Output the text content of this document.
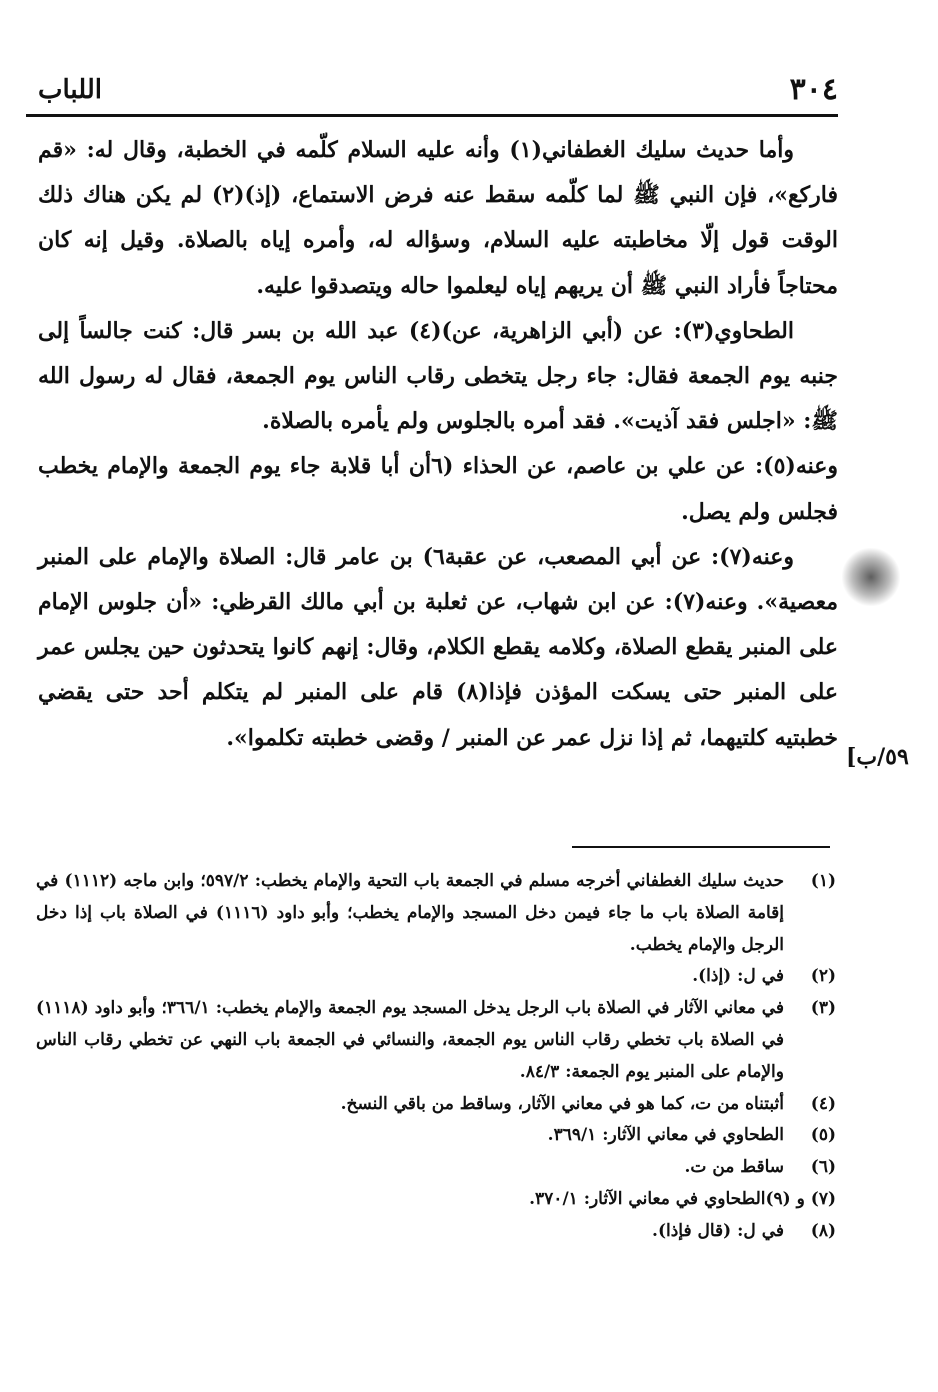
٣٠٤
اللباب

وأما حديث سليك الغطفاني(١) وأنه عليه السلام كلّمه في الخطبة، وقال له: «قم فاركع»، فإن النبي ﷺ لما كلّمه سقط عنه فرض الاستماع، (إذ)(٢) لم يكن هناك ذلك الوقت قول إلّا مخاطبته عليه السلام، وسؤاله له، وأمره إياه بالصلاة. وقيل إنه كان محتاجاً فأراد النبي ﷺ أن يريهم إياه ليعلموا حاله ويتصدقوا عليه.

الطحاوي(٣): عن (أبي الزاهرية، عن)(٤) عبد الله بن بسر قال: كنت جالساً إلى جنبه يوم الجمعة فقال: جاء رجل يتخطى رقاب الناس يوم الجمعة، فقال له رسول الله ﷺ: «اجلس فقد آذيت». فقد أمره بالجلوس ولم يأمره بالصلاة.

وعنه(٥): عن علي بن عاصم، عن الحذاء (٦أن أبا قلابة جاء يوم الجمعة والإمام يخطب فجلس ولم يصل.

وعنه(٧): عن أبي المصعب، عن عقبة٦) بن عامر قال: الصلاة والإمام على المنبر معصية». وعنه(٧): عن ابن شهاب، عن ثعلبة بن أبي مالك القرظي: «أن جلوس الإمام على المنبر يقطع الصلاة، وكلامه يقطع الكلام، وقال: إنهم كانوا يتحدثون حين يجلس عمر على المنبر حتى يسكت المؤذن فإذا(٨) قام على المنبر لم يتكلم أحد حتى يقضي خطبتيه كلتيهما، ثم إذا نزل عمر عن المنبر / وقضى خطبته تكلموا».

[٥٩/ب
(١)
حديث سليك الغطفاني أخرجه مسلم في الجمعة باب التحية والإمام يخطب: ٥٩٧/٢؛ وابن ماجه (١١١٢) في إقامة الصلاة باب ما جاء فيمن دخل المسجد والإمام يخطب؛ وأبو داود (١١١٦) في الصلاة باب إذا دخل الرجل والإمام يخطب.
(٢)
في ل: (إذا).
(٣)
في معاني الآثار في الصلاة باب الرجل يدخل المسجد يوم الجمعة والإمام يخطب: ٣٦٦/١؛ وأبو داود (١١١٨) في الصلاة باب تخطي رقاب الناس يوم الجمعة، والنسائي في الجمعة باب النهي عن تخطي رقاب الناس والإمام على المنبر يوم الجمعة: ٨٤/٣.
(٤)
أثبتناه من ت، كما هو في معاني الآثار، وساقط من باقي النسخ.
(٥)
الطحاوي في معاني الآثار: ٣٦٩/١.
(٦)
ساقط من ت.
(٧) و (٩)
الطحاوي في معاني الآثار: ٣٧٠/١.
(٨)
في ل: (قال فإذا).
